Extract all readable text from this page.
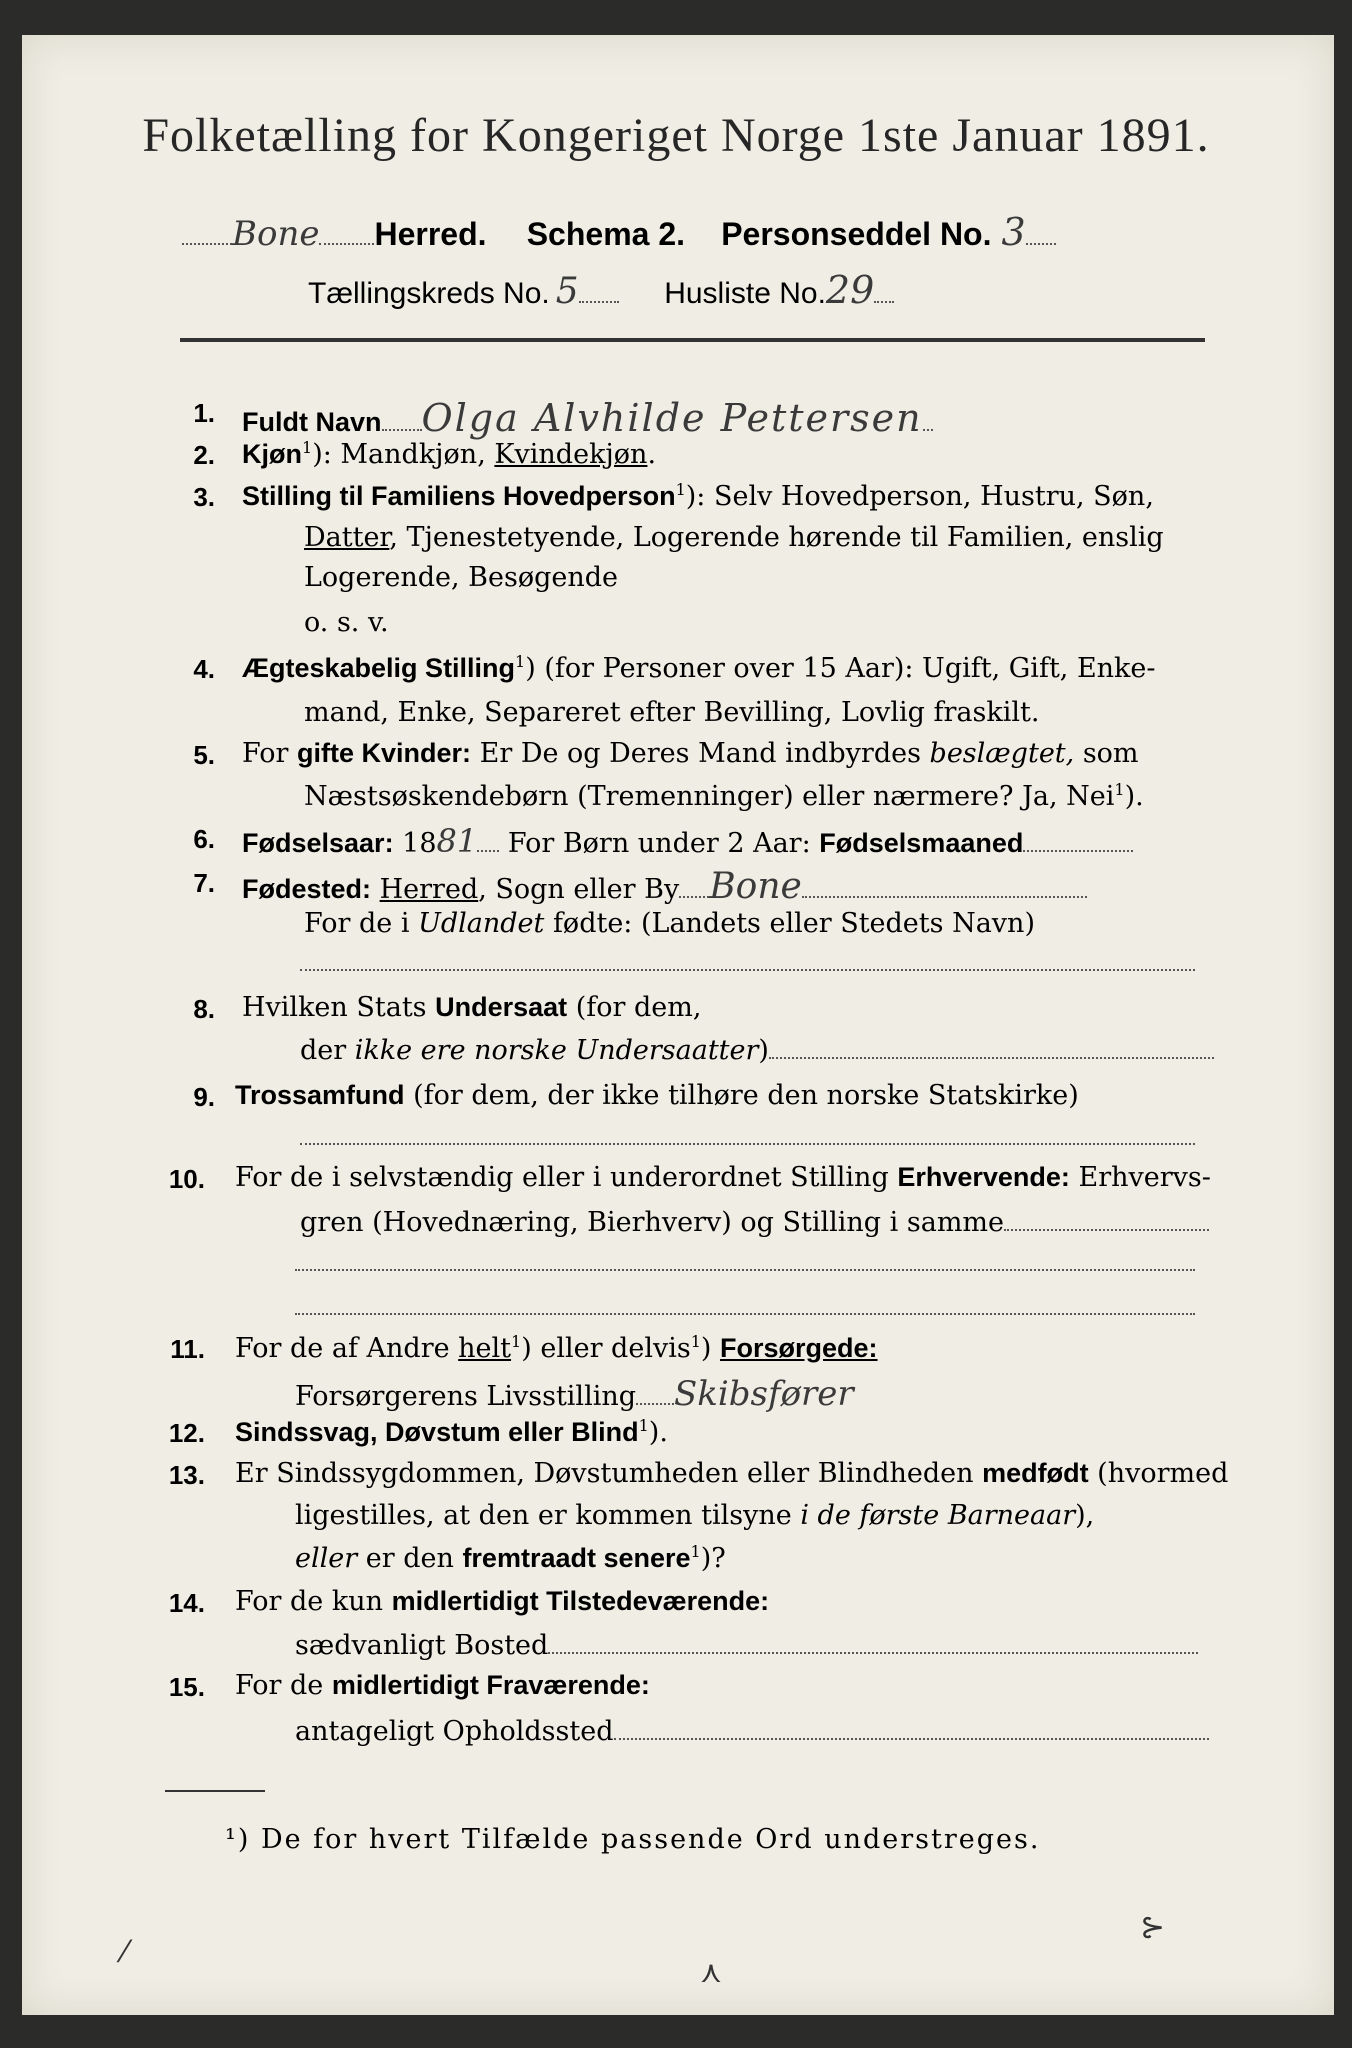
Folketælling for Kongeriget Norge 1ste Januar 1891.
Bone Herred. Schema 2. Personseddel No. 3
Tællingskreds No. 5	Husliste No.29
1. Fuldt Navn Olga Alvhilde Pettersen
2. Kjøn$^1$): Mandkjøn, Kvindekjøn.
3. Stilling til Familiens Hovedperson$^1$): Selv Hovedperson, Hustru, Søn,
Datter, Tjenestetyende, Logerende hørende til Familien, enslig
Logerende, Besøgende
o. s. v.
4. Ægteskabelig Stilling$^1$) (for Personer over 15 Aar): Ugift, Gift, Enke-
mand, Enke, Separeret efter Bevilling, Lovlig fraskilt.
5. For gifte Kvinder: Er De og Deres Mand indbyrdes beslægtet, som
Næstsøskendebørn (Tremenninger) eller nærmere? Ja, Nei$^1$).
6. Fødselsaar: 1881 For Børn under 2 Aar: Fødselsmaaned
7. Fødested: Herred, Sogn eller By Bone
For de i Udlandet fødte: (Landets eller Stedets Navn)
8. Hvilken Stats Undersaat (for dem,
der ikke ere norske Undersaatter)
9. Trossamfund (for dem, der ikke tilhøre den norske Statskirke)
10. For de i selvstændig eller i underordnet Stilling Erhvervende: Erhvervs-
gren (Hovednæring, Bierhverv) og Stilling i samme
11. For de af Andre helt$^1$) eller delvis$^1$) Forsørgede:
Forsørgerens Livsstilling Skibsfører
12. Sindssvag, Døvstum eller Blind$^1$).
13. Er Sindssygdommen, Døvstumheden eller Blindheden medfødt (hvormed
ligestilles, at den er kommen tilsyne i de første Barneaar),
eller er den fremtraadt senere$^1$)?
14. For de kun midlertidigt Tilstedeværende:
sædvanligt Bosted
15. For de midlertidigt Fraværende:
antageligt Opholdssted
¹) De for hvert Tilfælde passende Ord understreges.
⁄
⋏
⊱
